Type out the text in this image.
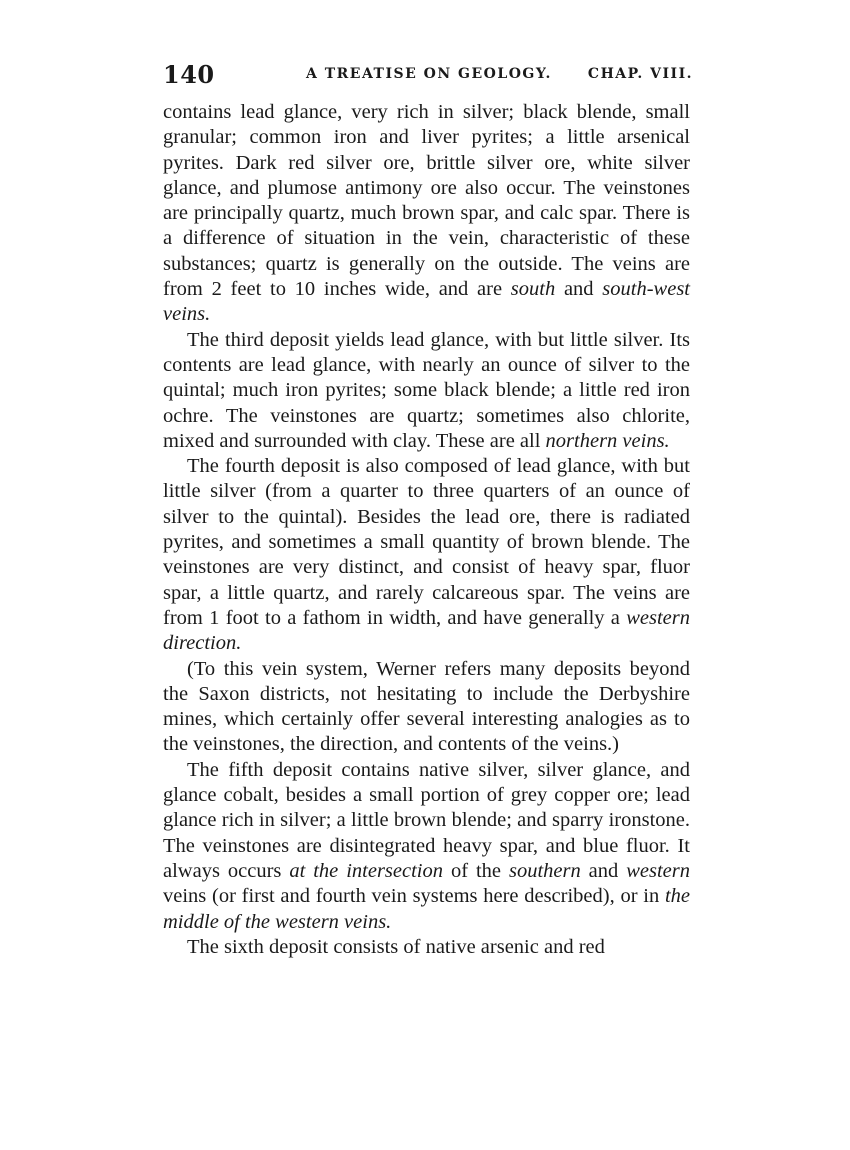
140	A TREATISE ON GEOLOGY.	CHAP. VIII.

contains lead glance, very rich in silver; black blende, small granular; common iron and liver pyrites; a little arsenical pyrites. Dark red silver ore, brittle silver ore, white silver glance, and plumose antimony ore also occur. The veinstones are principally quartz, much brown spar, and calc spar. There is a difference of situation in the vein, characteristic of these substances; quartz is generally on the outside. The veins are from 2 feet to 10 inches wide, and are south and south-west veins.

The third deposit yields lead glance, with but little silver. Its contents are lead glance, with nearly an ounce of silver to the quintal; much iron pyrites; some black blende; a little red iron ochre. The veinstones are quartz; sometimes also chlorite, mixed and surrounded with clay. These are all northern veins.

The fourth deposit is also composed of lead glance, with but little silver (from a quarter to three quarters of an ounce of silver to the quintal). Besides the lead ore, there is radiated pyrites, and sometimes a small quantity of brown blende. The veinstones are very distinct, and consist of heavy spar, fluor spar, a little quartz, and rarely calcareous spar. The veins are from 1 foot to a fathom in width, and have generally a western direction.

(To this vein system, Werner refers many deposits beyond the Saxon districts, not hesitating to include the Derbyshire mines, which certainly offer several interesting analogies as to the veinstones, the direction, and contents of the veins.)

The fifth deposit contains native silver, silver glance, and glance cobalt, besides a small portion of grey copper ore; lead glance rich in silver; a little brown blende; and sparry ironstone. The veinstones are disintegrated heavy spar, and blue fluor. It always occurs at the intersection of the southern and western veins (or first and fourth vein systems here described), or in the middle of the western veins.

The sixth deposit consists of native arsenic and red
